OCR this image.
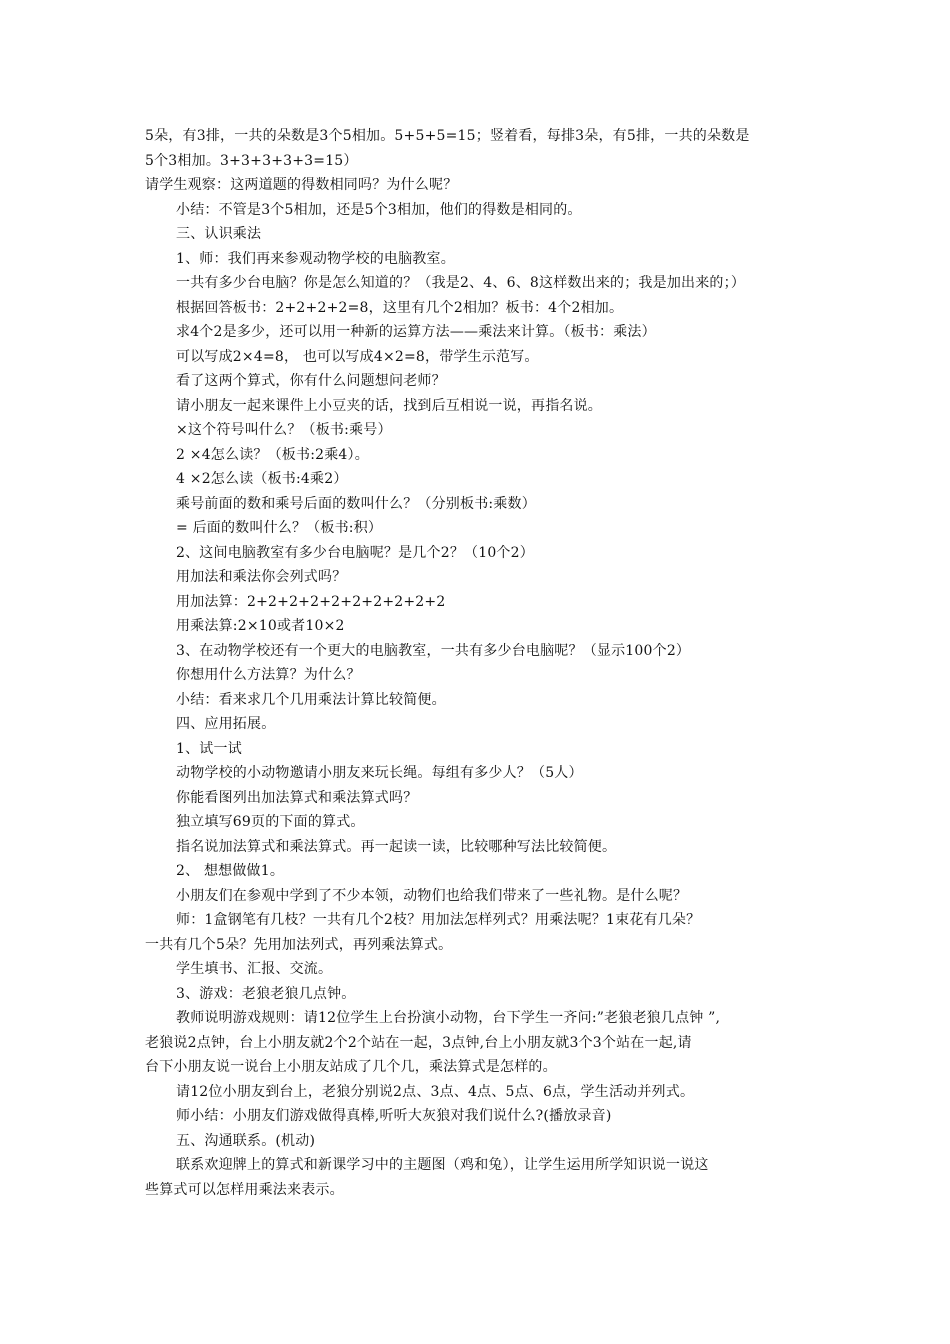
5朵，有3排，一共的朵数是3个5相加。5+5+5=15；竖着看，每排3朵，有5排，一共的朵数是
5个3相加。3+3+3+3+3=15）
请学生观察：这两道题的得数相同吗？为什么呢？
小结：不管是3个5相加，还是5个3相加，他们的得数是相同的。
三、认识乘法
1、师：我们再来参观动物学校的电脑教室。
一共有多少台电脑？你是怎么知道的？（我是2、4、6、8这样数出来的；我是加出来的；）
根据回答板书：2+2+2+2=8，这里有几个2相加？板书：4个2相加。
求4个2是多少，还可以用一种新的运算方法——乘法来计算。（板书：乘法）
可以写成2×4=8， 也可以写成4×2=8，带学生示范写。
看了这两个算式，你有什么问题想问老师？
请小朋友一起来课件上小豆夹的话，找到后互相说一说，再指名说。
×这个符号叫什么？（板书:乘号）
2 ×4怎么读？（板书:2乘4）。
4 ×2怎么读（板书:4乘2）
乘号前面的数和乘号后面的数叫什么？（分别板书:乘数）
= 后面的数叫什么？（板书:积）
2、这间电脑教室有多少台电脑呢？是几个2？（10个2）
用加法和乘法你会列式吗？
用加法算：2+2+2+2+2+2+2+2+2+2
用乘法算:2×10或者10×2
3、在动物学校还有一个更大的电脑教室，一共有多少台电脑呢？（显示100个2）
你想用什么方法算？为什么？
小结：看来求几个几用乘法计算比较简便。
四、应用拓展。
1、试一试
动物学校的小动物邀请小朋友来玩长绳。每组有多少人？（5人）
你能看图列出加法算式和乘法算式吗？
独立填写69页的下面的算式。
指名说加法算式和乘法算式。再一起读一读，比较哪种写法比较简便。
2、 想想做做1。
小朋友们在参观中学到了不少本领，动物们也给我们带来了一些礼物。是什么呢？
师：1盒钢笔有几枝？一共有几个2枝？用加法怎样列式？用乘法呢？1束花有几朵？
一共有几个5朵？先用加法列式，再列乘法算式。
学生填书、汇报、交流。
3、游戏：老狼老狼几点钟。
教师说明游戏规则：请12位学生上台扮演小动物，台下学生一齐问:”老狼老狼几点钟 ”,
老狼说2点钟，台上小朋友就2个2个站在一起，3点钟,台上小朋友就3个3个站在一起,请
台下小朋友说一说台上小朋友站成了几个几，乘法算式是怎样的。
请12位小朋友到台上，老狼分别说2点、3点、4点、5点、6点，学生活动并列式。
师小结：小朋友们游戏做得真棒,听听大灰狼对我们说什么?(播放录音)
五、沟通联系。(机动)
联系欢迎牌上的算式和新课学习中的主题图（鸡和兔），让学生运用所学知识说一说这
些算式可以怎样用乘法来表示。
